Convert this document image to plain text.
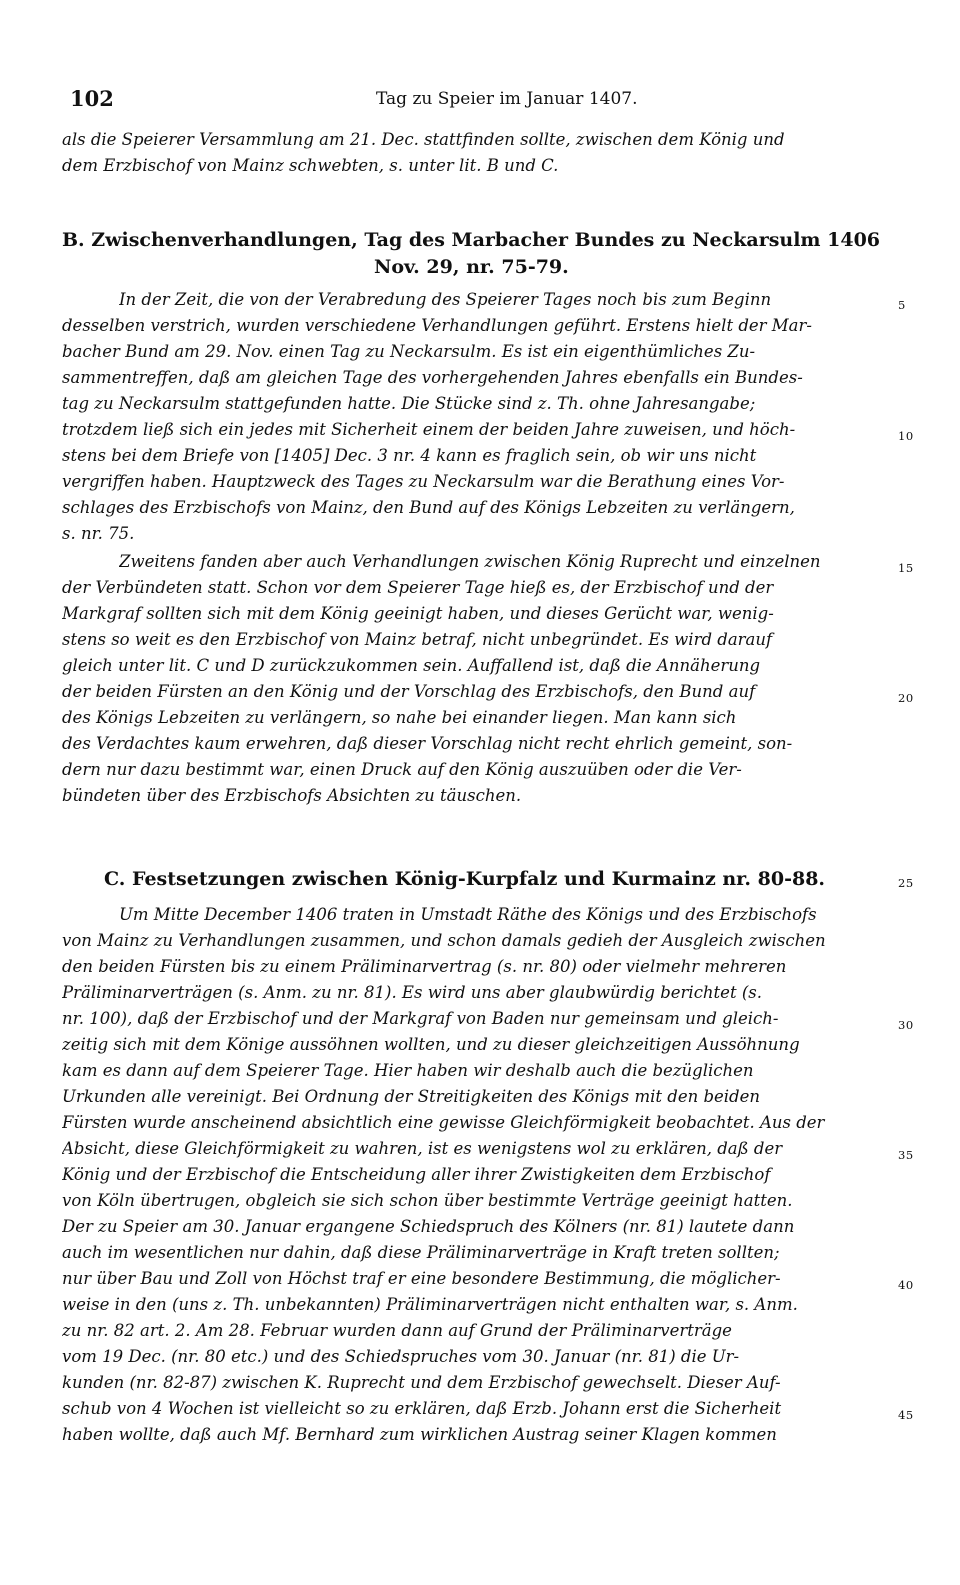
102	Tag zu Speier im Januar 1407.
als die Speierer Versammlung am 21. Dec. stattfinden sollte, zwischen dem König und
dem Erzbischof von Mainz schwebten, s. unter lit. B und C.
B. Zwischenverhandlungen, Tag des Marbacher Bundes zu Neckarsulm 1406
Nov. 29, nr. 75-79.
In der Zeit, die von der Verabredung des Speierer Tages noch bis zum Beginn
desselben verstrich, wurden verschiedene Verhandlungen geführt. Erstens hielt der Mar-
bacher Bund am 29. Nov. einen Tag zu Neckarsulm. Es ist ein eigenthümliches Zu-
sammentreffen, daß am gleichen Tage des vorhergehenden Jahres ebenfalls ein Bundes-
tag zu Neckarsulm stattgefunden hatte. Die Stücke sind z. Th. ohne Jahresangabe;
trotzdem ließ sich ein jedes mit Sicherheit einem der beiden Jahre zuweisen, und höch-
stens bei dem Briefe von [1405] Dec. 3 nr. 4 kann es fraglich sein, ob wir uns nicht
vergriffen haben. Hauptzweck des Tages zu Neckarsulm war die Berathung eines Vor-
schlages des Erzbischofs von Mainz, den Bund auf des Königs Lebzeiten zu verlängern,
s. nr. 75.
Zweitens fanden aber auch Verhandlungen zwischen König Ruprecht und einzelnen
der Verbündeten statt. Schon vor dem Speierer Tage hieß es, der Erzbischof und der
Markgraf sollten sich mit dem König geeinigt haben, und dieses Gerücht war, wenig-
stens so weit es den Erzbischof von Mainz betraf, nicht unbegründet. Es wird darauf
gleich unter lit. C und D zurückzukommen sein. Auffallend ist, daß die Annäherung
der beiden Fürsten an den König und der Vorschlag des Erzbischofs, den Bund auf
des Königs Lebzeiten zu verlängern, so nahe bei einander liegen. Man kann sich
des Verdachtes kaum erwehren, daß dieser Vorschlag nicht recht ehrlich gemeint, son-
dern nur dazu bestimmt war, einen Druck auf den König auszuüben oder die Ver-
bündeten über des Erzbischofs Absichten zu täuschen.
C. Festsetzungen zwischen König-Kurpfalz und Kurmainz nr. 80-88.
Um Mitte December 1406 traten in Umstadt Räthe des Königs und des Erzbischofs
von Mainz zu Verhandlungen zusammen, und schon damals gedieh der Ausgleich zwischen
den beiden Fürsten bis zu einem Präliminarvertrag (s. nr. 80) oder vielmehr mehreren
Präliminarverträgen (s. Anm. zu nr. 81). Es wird uns aber glaubwürdig berichtet (s.
nr. 100), daß der Erzbischof und der Markgraf von Baden nur gemeinsam und gleich-
zeitig sich mit dem Könige aussöhnen wollten, und zu dieser gleichzeitigen Aussöhnung
kam es dann auf dem Speierer Tage. Hier haben wir deshalb auch die bezüglichen
Urkunden alle vereinigt. Bei Ordnung der Streitigkeiten des Königs mit den beiden
Fürsten wurde anscheinend absichtlich eine gewisse Gleichförmigkeit beobachtet. Aus der
Absicht, diese Gleichförmigkeit zu wahren, ist es wenigstens wol zu erklären, daß der
König und der Erzbischof die Entscheidung aller ihrer Zwistigkeiten dem Erzbischof
von Köln übertrugen, obgleich sie sich schon über bestimmte Verträge geeinigt hatten.
Der zu Speier am 30. Januar ergangene Schiedspruch des Kölners (nr. 81) lautete dann
auch im wesentlichen nur dahin, daß diese Präliminarverträge in Kraft treten sollten;
nur über Bau und Zoll von Höchst traf er eine besondere Bestimmung, die möglicher-
weise in den (uns z. Th. unbekannten) Präliminarverträgen nicht enthalten war, s. Anm.
zu nr. 82 art. 2. Am 28. Februar wurden dann auf Grund der Präliminarverträge
vom 19 Dec. (nr. 80 etc.) und des Schiedspruches vom 30. Januar (nr. 81) die Ur-
kunden (nr. 82-87) zwischen K. Ruprecht und dem Erzbischof gewechselt. Dieser Auf-
schub von 4 Wochen ist vielleicht so zu erklären, daß Erzb. Johann erst die Sicherheit
haben wollte, daß auch Mf. Bernhard zum wirklichen Austrag seiner Klagen kommen
5
10
15
20
25
30
35
40
45
